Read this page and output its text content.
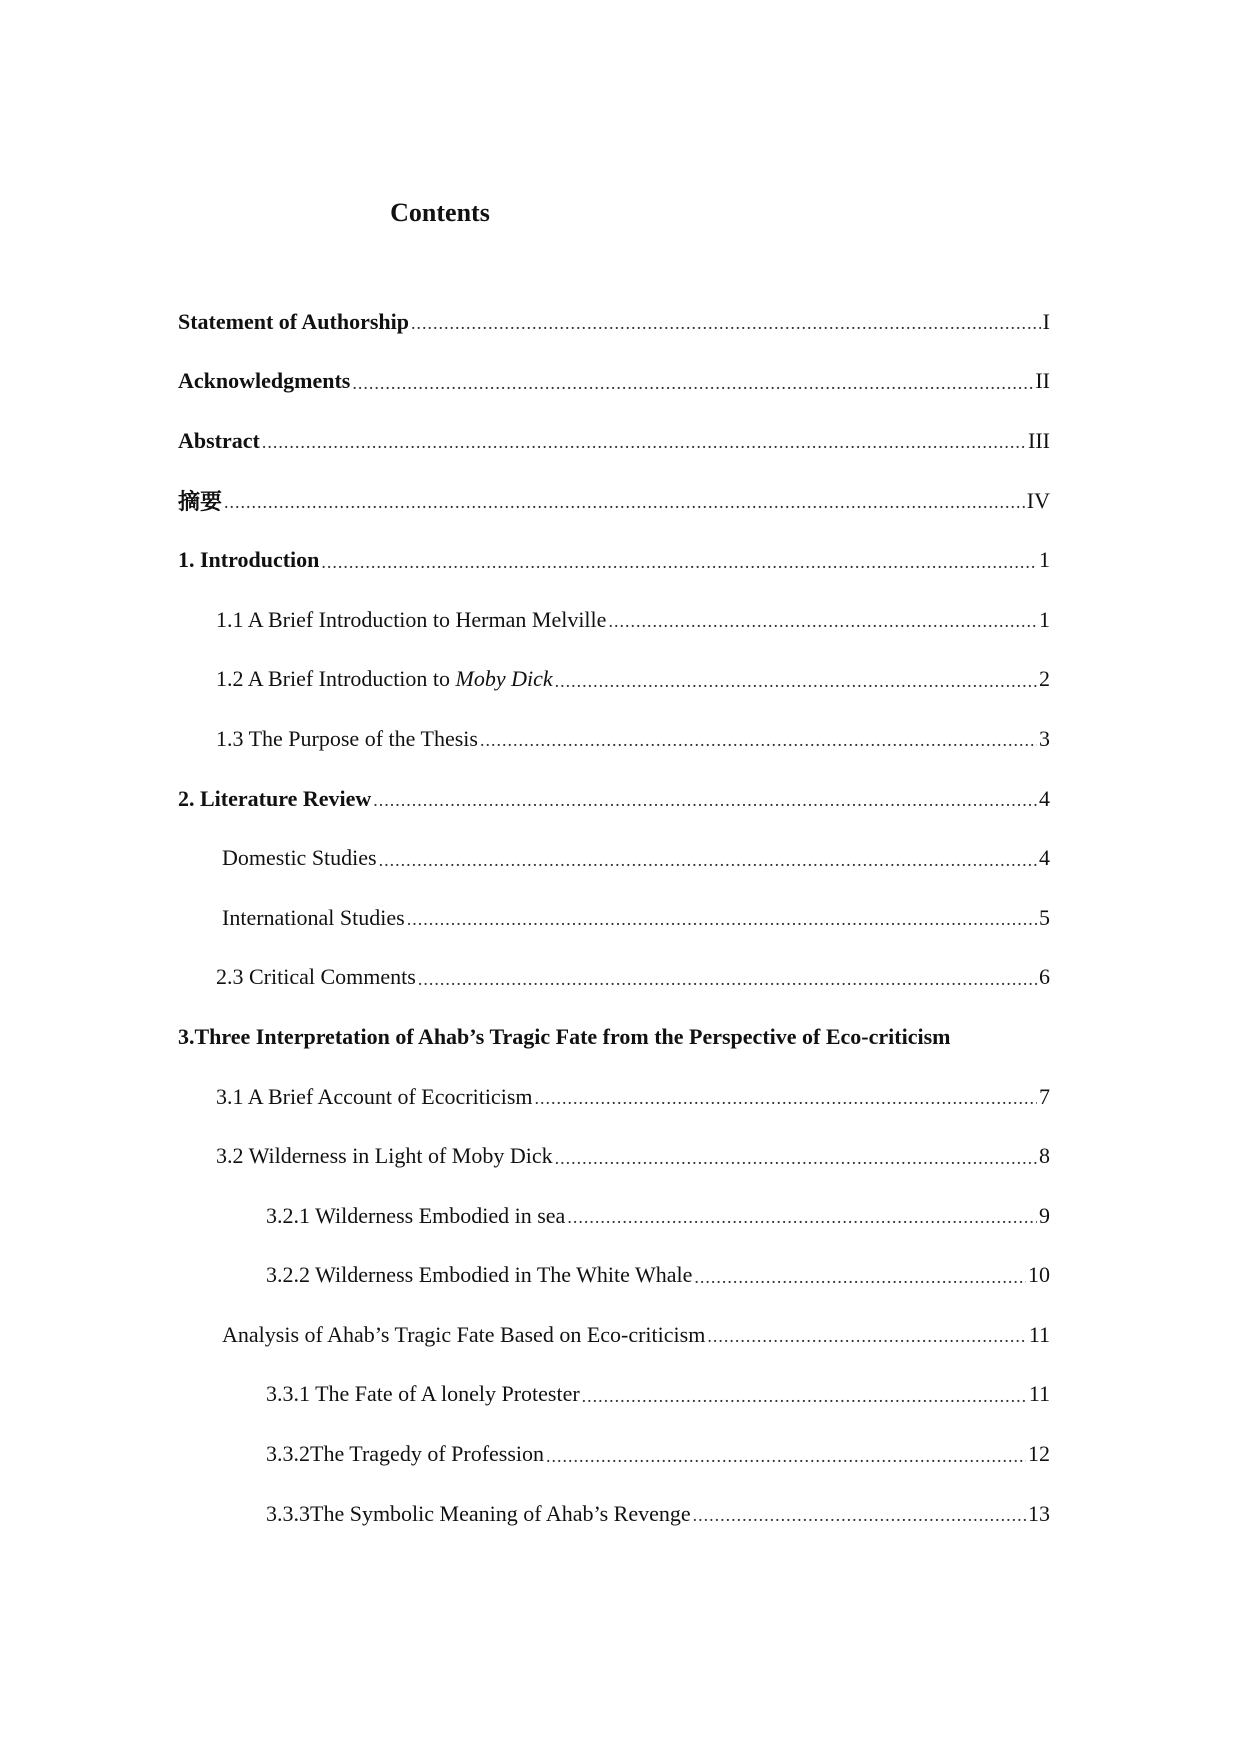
Contents
Statement of Authorship .....	I
Acknowledgments .....	II
Abstract .....	III
摘要 .....	IV
1. Introduction .....	1
1.1 A Brief Introduction to Herman Melville .....	1
1.2 A Brief Introduction to Moby Dick .....	2
1.3 The Purpose of the Thesis .....	3
2. Literature Review .....	4
Domestic Studies .....	4
International Studies .....	5
2.3 Critical Comments .....	6
3.Three Interpretation of Ahab’s Tragic Fate from the Perspective of Eco-criticism
3.1 A Brief Account of Ecocriticism .....	7
3.2 Wilderness in Light of Moby Dick .....	8
3.2.1 Wilderness Embodied in sea .....	9
3.2.2 Wilderness Embodied in The White Whale .....	10
Analysis of Ahab’s Tragic Fate Based on Eco-criticism .....	11
3.3.1 The Fate of A lonely Protester .....	11
3.3.2The Tragedy of Profession .....	12
3.3.3The Symbolic Meaning of Ahab’s Revenge .....	13
